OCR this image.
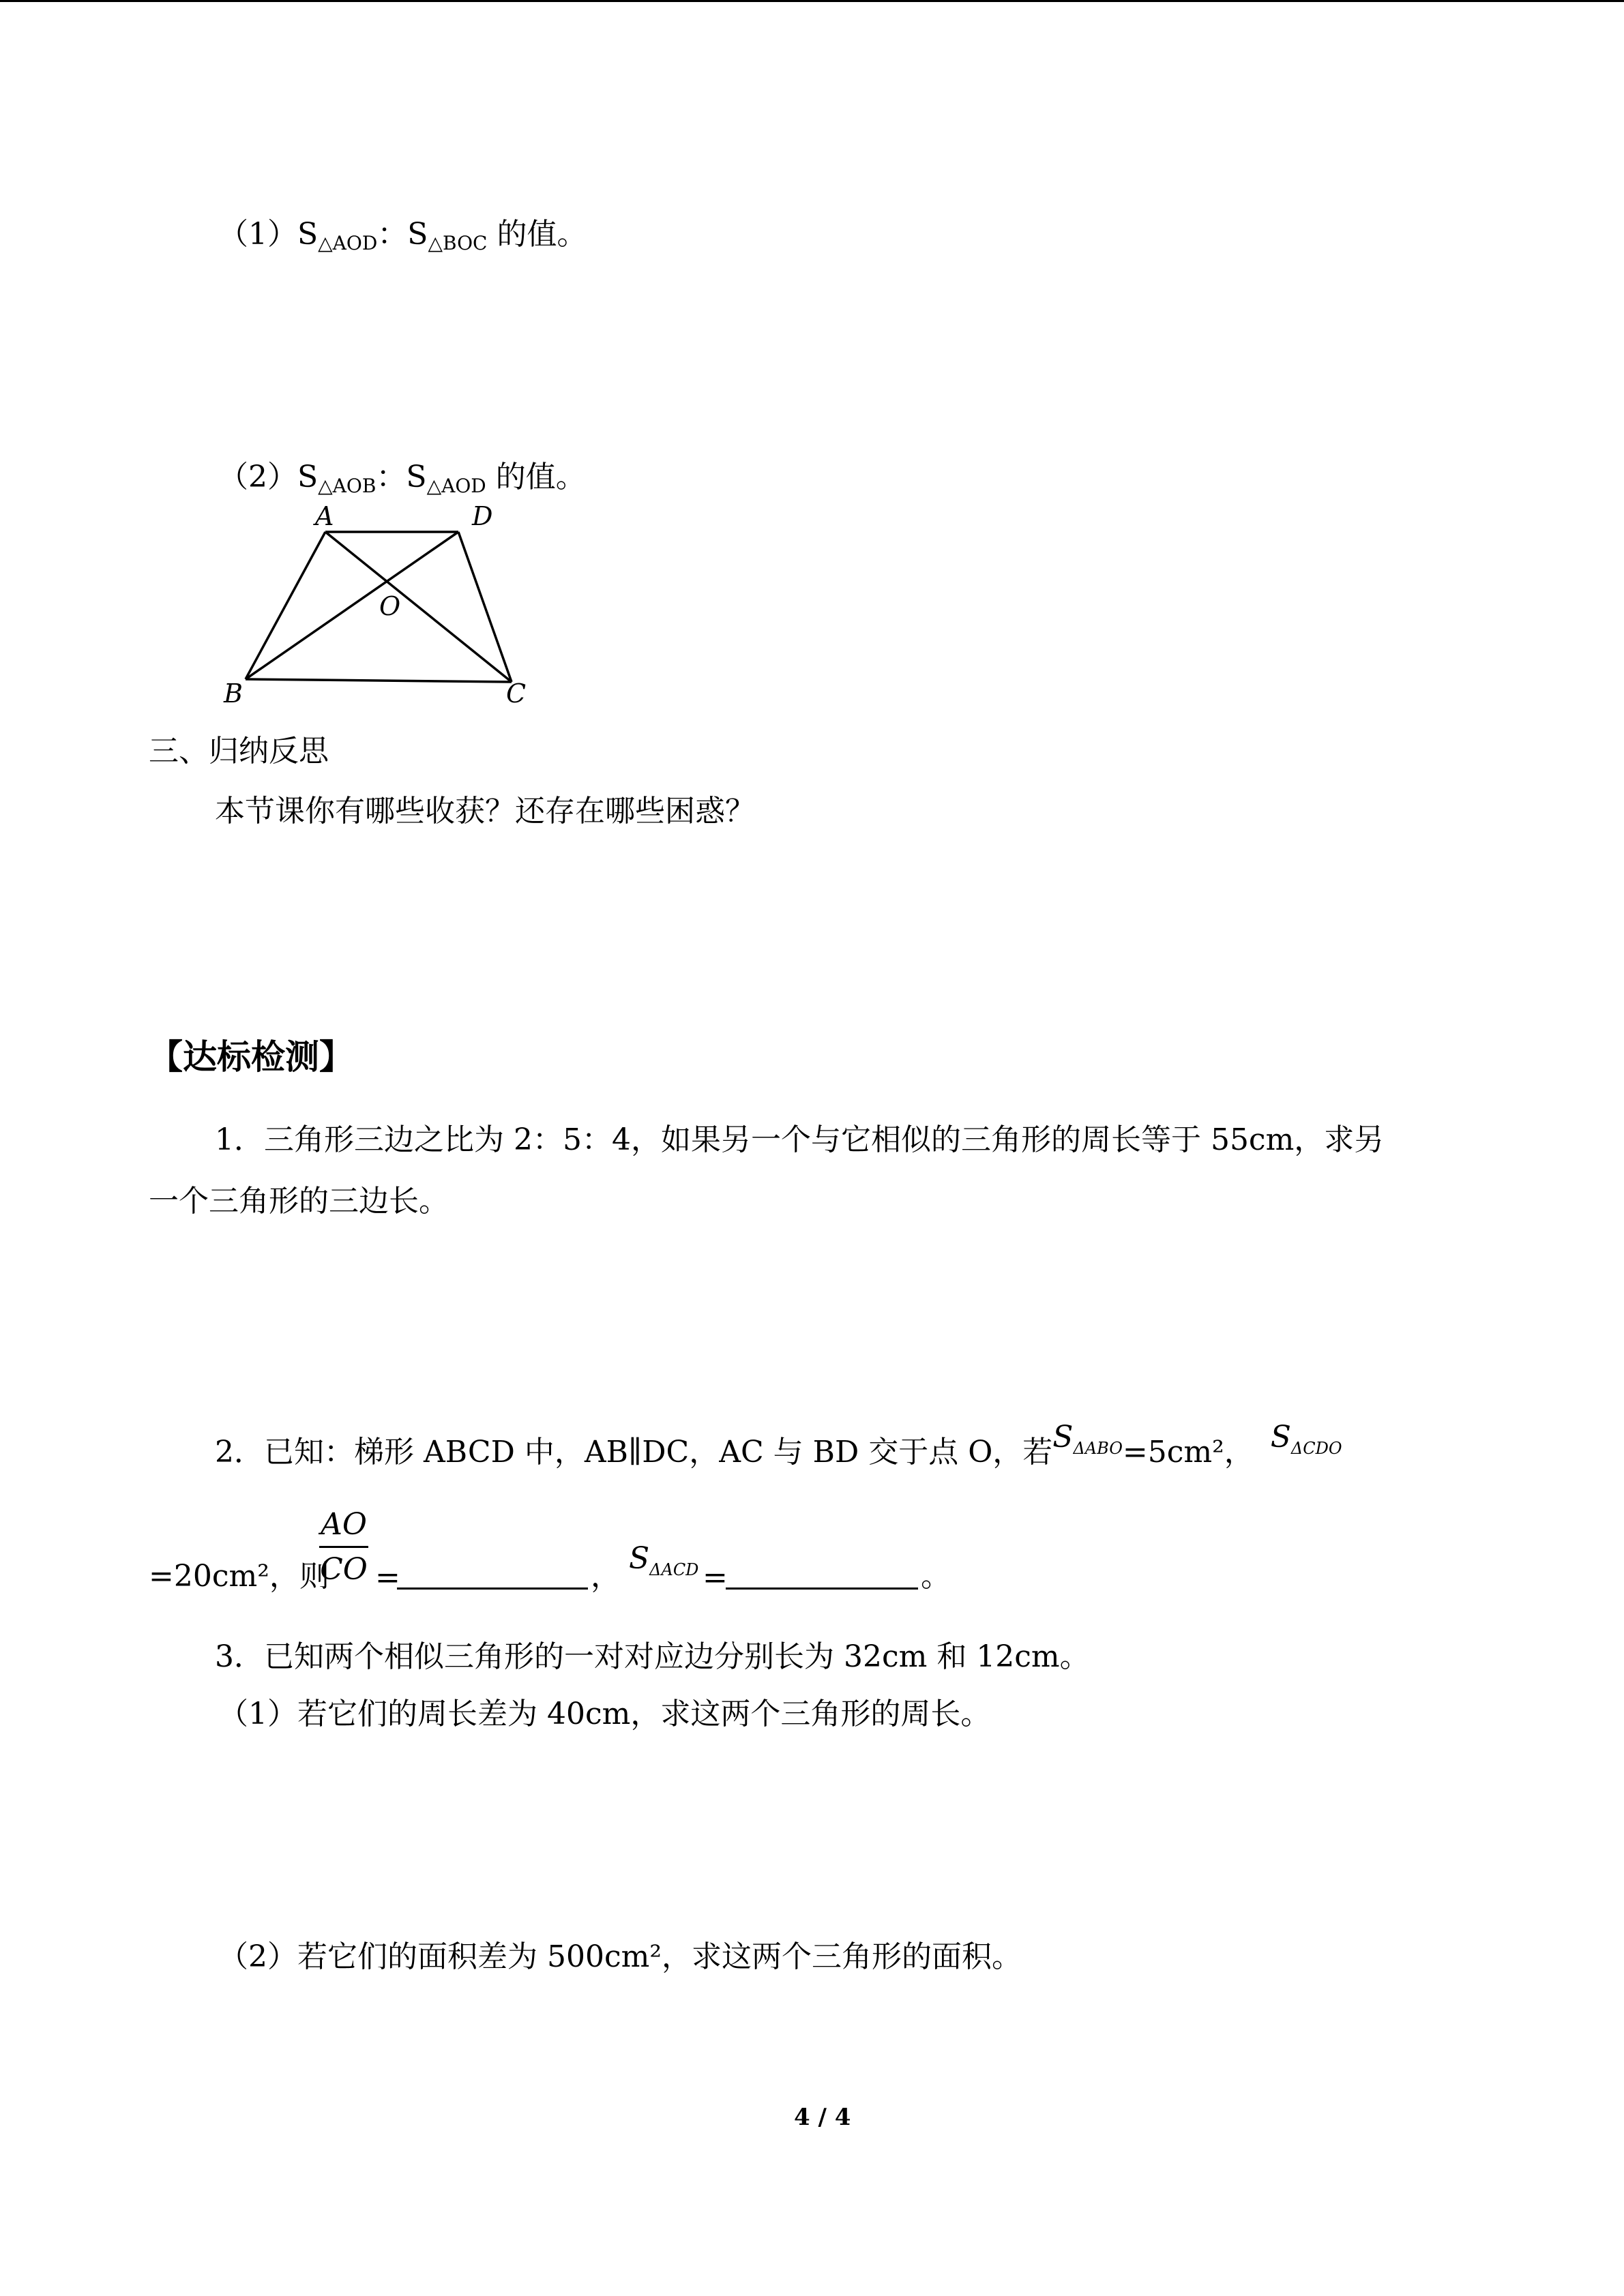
$(1)S_{\triangle AOD}$：$S_{\triangle BOC}$ 的值。
$(2)S_{\triangle AOB}$：$S_{\triangle AOD}$ 的值。
A	D
O
B	C
三、归纳反思
本节课你有哪些收获？还存在哪些困惑？
【达标检测】
1．三角形三边之比为 2：5：4，如果另一个与它相似的三角形的周长等于 55cm，求另
一个三角形的三边长。
2．已知：梯形 ABCD 中，AB∥DC，AC 与 BD 交于点 O，若$S_{\Delta ABO}=5cm^2$， $S_{\Delta CDO}$
=20cm²，则
$\frac{AO}{CO}$ =	，
$S_{\Delta ACD}$ =	。
3．已知两个相似三角形的一对对应边分别长为 32cm 和 12cm。
（1）若它们的周长差为 40cm，求这两个三角形的周长。
（2）若它们的面积差为 500cm²，求这两个三角形的面积。
4 / 4
